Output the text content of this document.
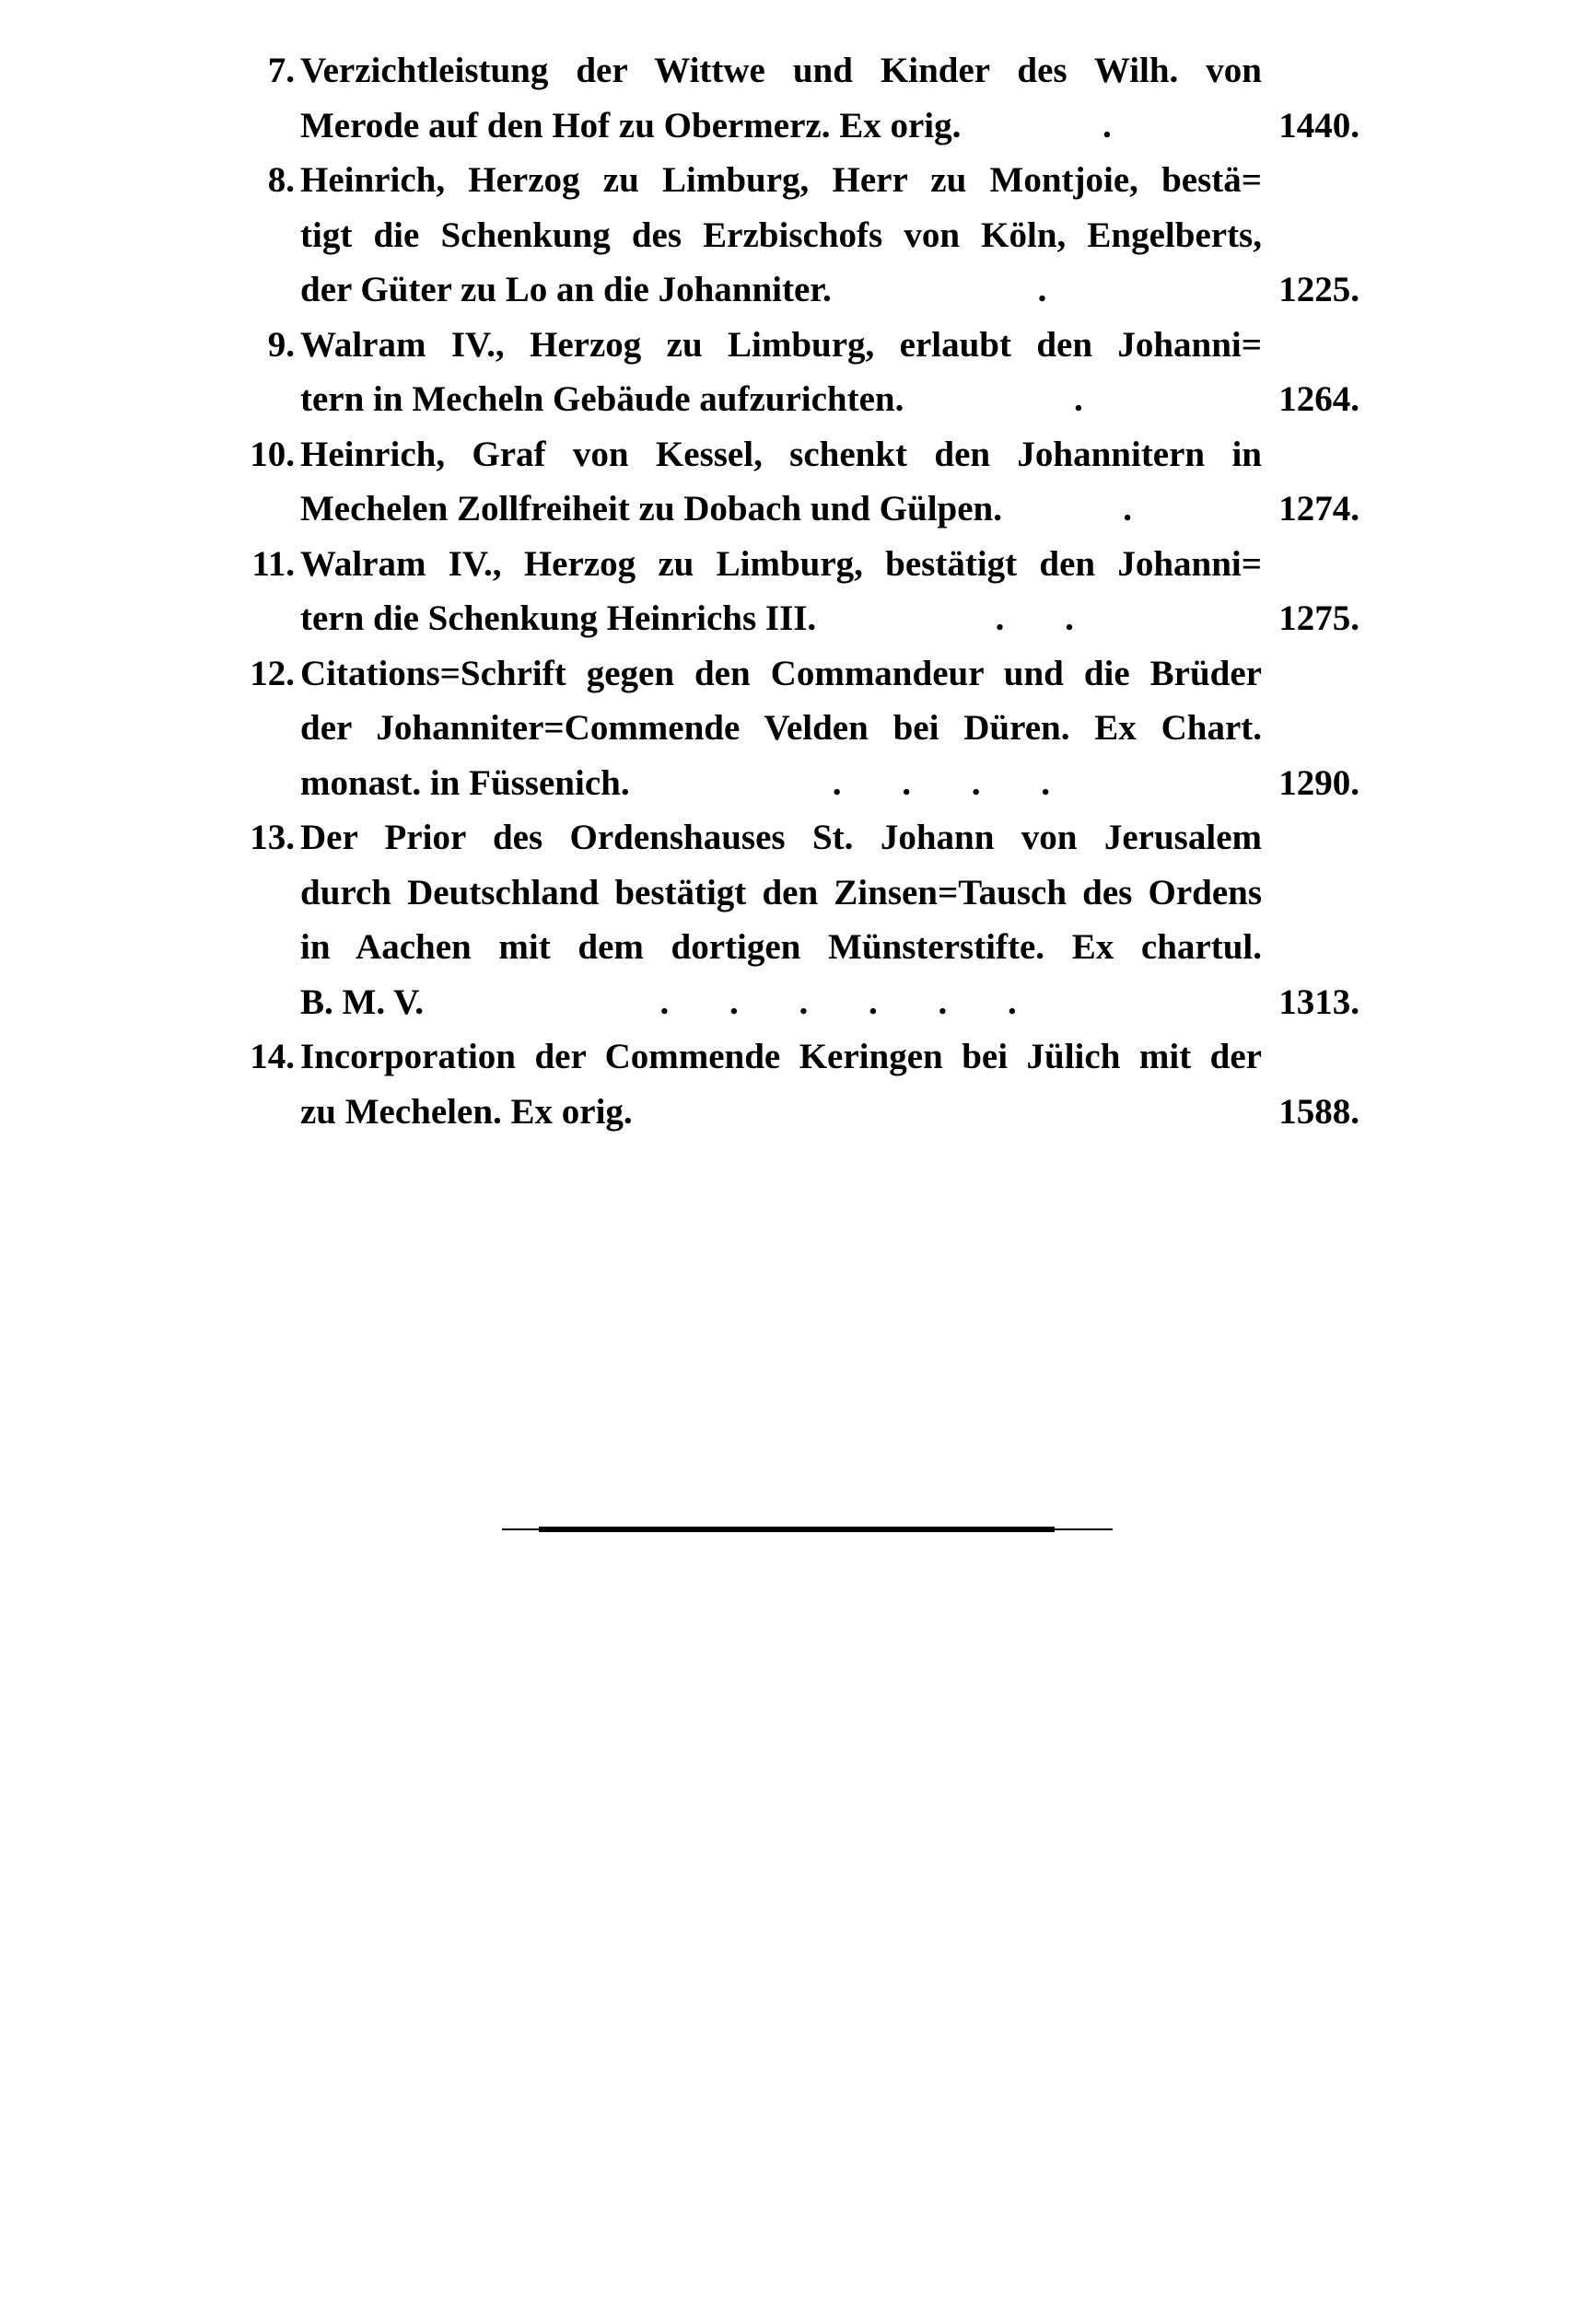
7. Verzichtleistung der Wittwe und Kinder des Wilh. von
Merode auf den Hof zu Obermerz. Ex orig.	.	1440.
8. Heinrich, Herzog zu Limburg, Herr zu Montjoie, bestä=
tigt die Schenkung des Erzbischofs von Köln, Engelberts,
der Güter zu Lo an die Johanniter.	.	1225.
9. Walram IV., Herzog zu Limburg, erlaubt den Johanni=
tern in Mecheln Gebäude aufzurichten.	.	1264.
10. Heinrich, Graf von Kessel, schenkt den Johannitern in
Mechelen Zollfreiheit zu Dobach und Gülpen.	.	1274.
11. Walram IV., Herzog zu Limburg, bestätigt den Johanni=
tern die Schenkung Heinrichs III.	. .	1275.
12. Citations=Schrift gegen den Commandeur und die Brüder
der Johanniter=Commende Velden bei Düren. Ex Chart.
monast. in Füssenich.	. . . .	1290.
13. Der Prior des Ordenshauses St. Johann von Jerusalem
durch Deutschland bestätigt den Zinsen=Tausch des Ordens
in Aachen mit dem dortigen Münsterstifte. Ex chartul.
B. M. V.	. . . . . .	1313.
14. Incorporation der Commende Keringen bei Jülich mit der
zu Mechelen. Ex orig.	1588.
